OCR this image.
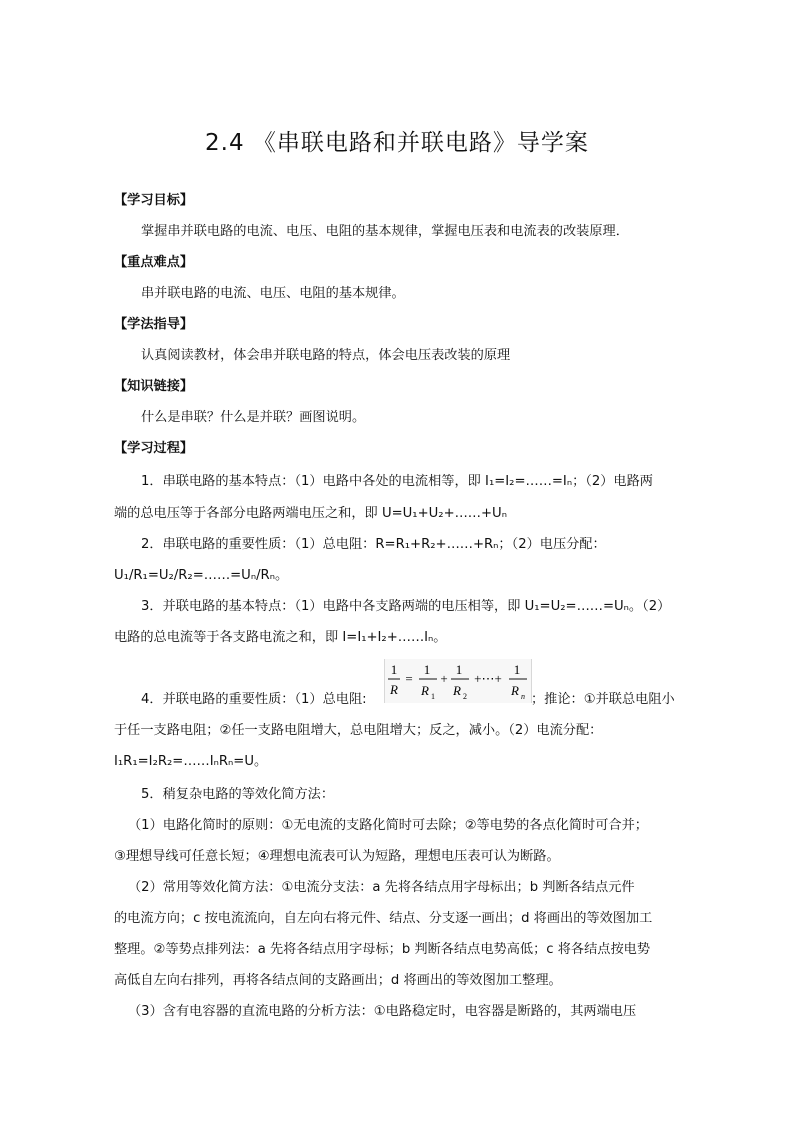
2.4 《串联电路和并联电路》导学案
【学习目标】
掌握串并联电路的电流、电压、电阻的基本规律，掌握电压表和电流表的改装原理．
【重点难点】
串并联电路的电流、电压、电阻的基本规律。
【学法指导】
认真阅读教材，体会串并联电路的特点，体会电压表改装的原理
【知识链接】
什么是串联？什么是并联？画图说明。
【学习过程】
1．串联电路的基本特点：（1）电路中各处的电流相等，即 I₁=I₂=……=Iₙ；（2）电路两
端的总电压等于各部分电路两端电压之和，即 U=U₁+U₂+……+Uₙ
2．串联电路的重要性质：（1）总电阻：R=R₁+R₂+……+Rₙ；（2）电压分配：
U₁/R₁=U₂/R₂=……=Uₙ/Rₙ。
3．并联电路的基本特点：（1）电路中各支路两端的电压相等，即 U₁=U₂=……=Uₙ。（2）
电路的总电流等于各支路电流之和，即 I=I₁+I₂+……Iₙ。
4．并联电路的重要性质：（1）总电阻:
1
R
=
1
R 1
+
1
R 2
+⋯+
1
R n ；推论：①并联总电阻小
于任一支路电阻；②任一支路电阻增大，总电阻增大；反之，减小。（2）电流分配：
I₁R₁=I₂R₂=……IₙRₙ=U。
5．稍复杂电路的等效化简方法：
（1）电路化简时的原则：①无电流的支路化简时可去除；②等电势的各点化简时可合并；
③理想导线可任意长短；④理想电流表可认为短路，理想电压表可认为断路。
（2）常用等效化简方法：①电流分支法：a 先将各结点用字母标出；b 判断各结点元件
的电流方向；c 按电流流向，自左向右将元件、结点、分支逐一画出；d 将画出的等效图加工
整理。②等势点排列法：a 先将各结点用字母标；b 判断各结点电势高低；c 将各结点按电势
高低自左向右排列，再将各结点间的支路画出；d 将画出的等效图加工整理。
（3）含有电容器的直流电路的分析方法：①电路稳定时，电容器是断路的，其两端电压
